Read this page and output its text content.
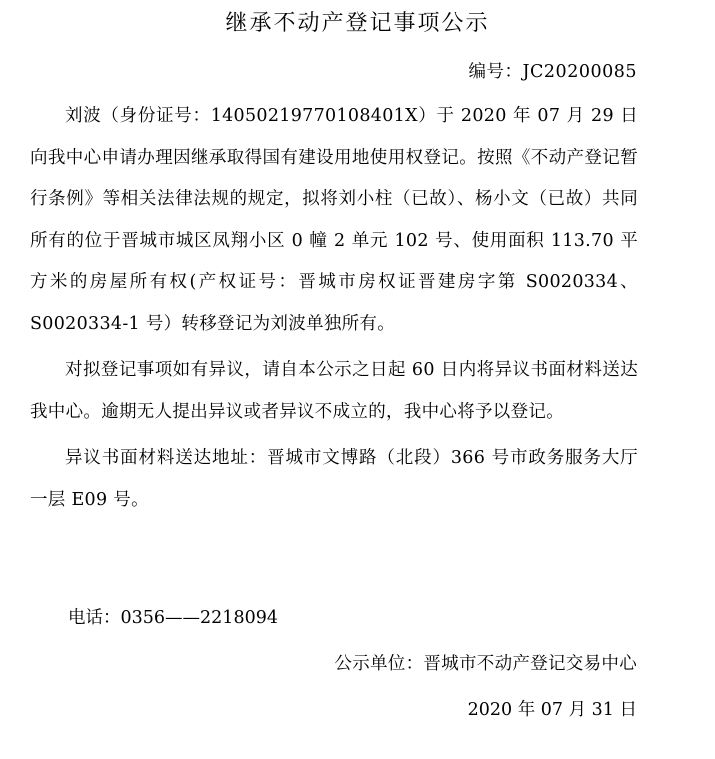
继承不动产登记事项公示
编号：JC20200085

刘波（身份证号：14050219770108401X）于 2020 年 07 月 29 日向我中心申请办理因继承取得国有建设用地使用权登记。按照《不动产登记暂行条例》等相关法律法规的规定，拟将刘小柱（已故）、杨小文（已故）共同所有的位于晋城市城区凤翔小区 0 幢 2 单元 102 号、使用面积 113.70 平方米的房屋所有权(产权证号：晋城市房权证晋建房字第 S0020334、S0020334-1 号）转移登记为刘波单独所有。

对拟登记事项如有异议，请自本公示之日起 60 日内将异议书面材料送达我中心。逾期无人提出异议或者异议不成立的，我中心将予以登记。

异议书面材料送达地址：晋城市文博路（北段）366 号市政务服务大厅一层 E09 号。

电话：0356——2218094
公示单位：晋城市不动产登记交易中心
2020 年 07 月 31 日
